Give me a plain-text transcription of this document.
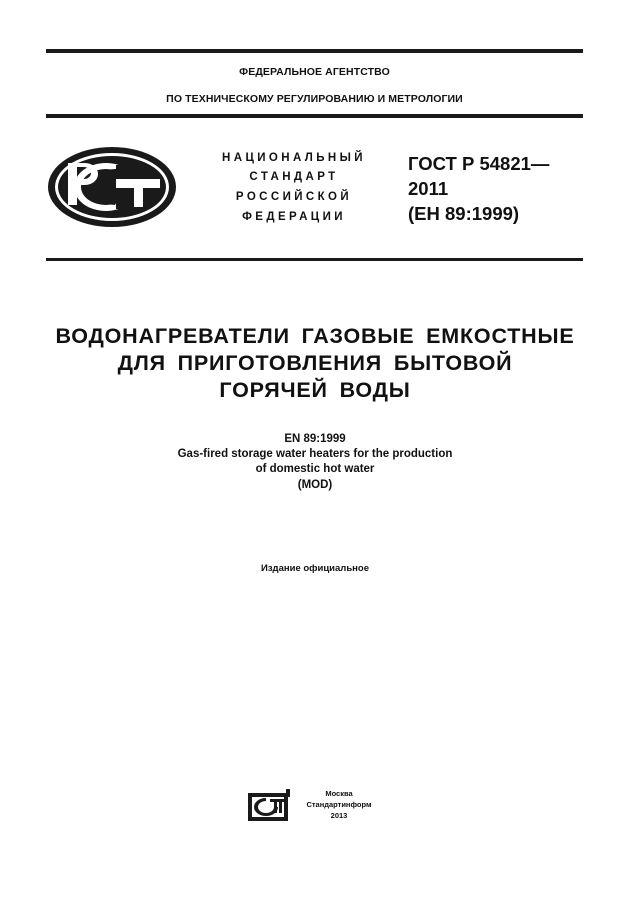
ФЕДЕРАЛЬНОЕ АГЕНТСТВО
ПО ТЕХНИЧЕСКОМУ РЕГУЛИРОВАНИЮ И МЕТРОЛОГИИ
НАЦИОНАЛЬНЫЙ
СТАНДАРТ
РОССИЙСКОЙ
ФЕДЕРАЦИИ
ГОСТ Р 54821—
2011
(ЕН 89:1999)
ВОДОНАГРЕВАТЕЛИ ГАЗОВЫЕ ЕМКОСТНЫЕ
ДЛЯ ПРИГОТОВЛЕНИЯ БЫТОВОЙ
ГОРЯЧЕЙ ВОДЫ
EN 89:1999
Gas-fired storage water heaters for the production
of domestic hot water
(MOD)
Издание официальное
Москва
Стандартинформ
2013
